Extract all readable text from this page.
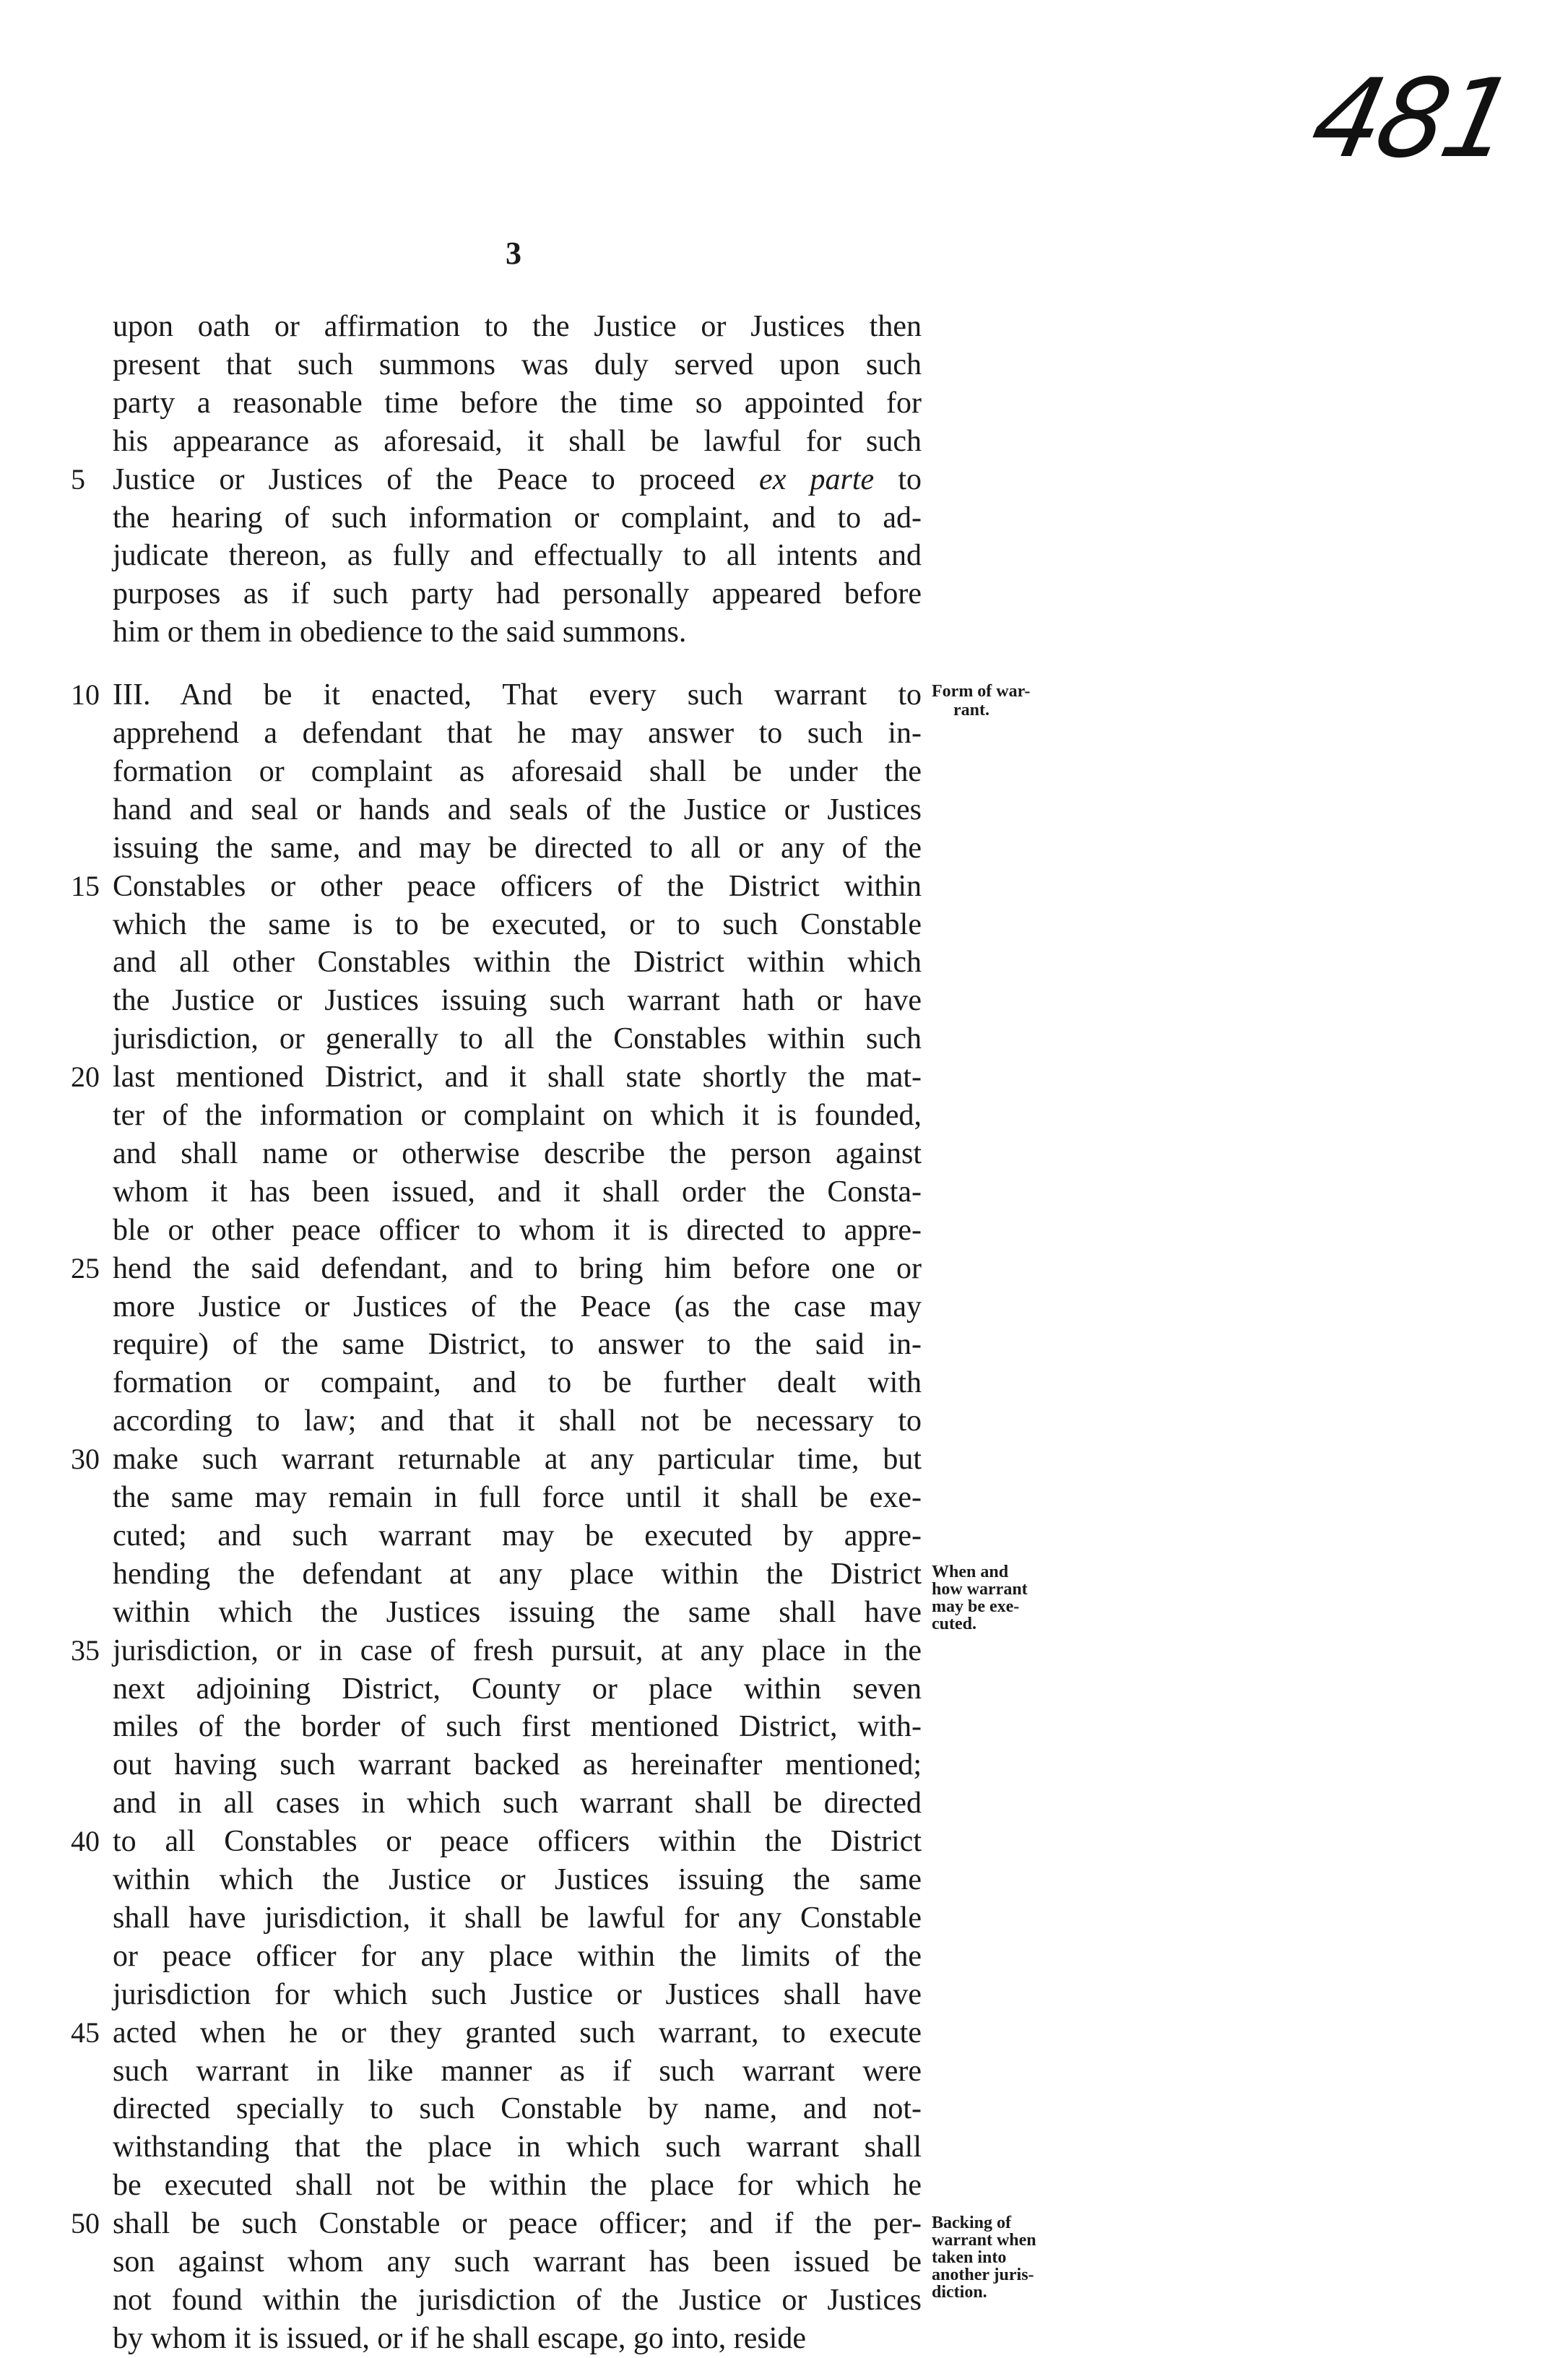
481
3
upon oath or affirmation to the Justice or Justices then
present that such summons was duly served upon such
party a reasonable time before the time so appointed for
his appearance as aforesaid, it shall be lawful for such
5 Justice or Justices of the Peace to proceed ex parte to
the hearing of such information or complaint, and to ad-
judicate thereon, as fully and effectually to all intents and
purposes as if such party had personally appeared before
him or them in obedience to the said summons.
10 III. And be it enacted, That every such warrant to
apprehend a defendant that he may answer to such in-
formation or complaint as aforesaid shall be under the
hand and seal or hands and seals of the Justice or Justices
issuing the same, and may be directed to all or any of the
15 Constables or other peace officers of the District within
which the same is to be executed, or to such Constable
and all other Constables within the District within which
the Justice or Justices issuing such warrant hath or have
jurisdiction, or generally to all the Constables within such
20 last mentioned District, and it shall state shortly the mat-
ter of the information or complaint on which it is founded,
and shall name or otherwise describe the person against
whom it has been issued, and it shall order the Consta-
ble or other peace officer to whom it is directed to appre-
25 hend the said defendant, and to bring him before one or
more Justice or Justices of the Peace (as the case may
require) of the same District, to answer to the said in-
formation or compaint, and to be further dealt with
according to law; and that it shall not be necessary to
30 make such warrant returnable at any particular time, but
the same may remain in full force until it shall be exe-
cuted; and such warrant may be executed by appre-
hending the defendant at any place within the District
within which the Justices issuing the same shall have
35 jurisdiction, or in case of fresh pursuit, at any place in the
next adjoining District, County or place within seven
miles of the border of such first mentioned District, with-
out having such warrant backed as hereinafter mentioned;
and in all cases in which such warrant shall be directed
40 to all Constables or peace officers within the District
within which the Justice or Justices issuing the same
shall have jurisdiction, it shall be lawful for any Constable
or peace officer for any place within the limits of the
jurisdiction for which such Justice or Justices shall have
45 acted when he or they granted such warrant, to execute
such warrant in like manner as if such warrant were
directed specially to such Constable by name, and not-
withstanding that the place in which such warrant shall
be executed shall not be within the place for which he
50 shall be such Constable or peace officer; and if the per-
son against whom any such warrant has been issued be
not found within the jurisdiction of the Justice or Justices
by whom it is issued, or if he shall escape, go into, reside
Form of war-
rant.
When and
how warrant
may be exe-
cuted.
Backing of
warrant when
taken into
another juris-
diction.
